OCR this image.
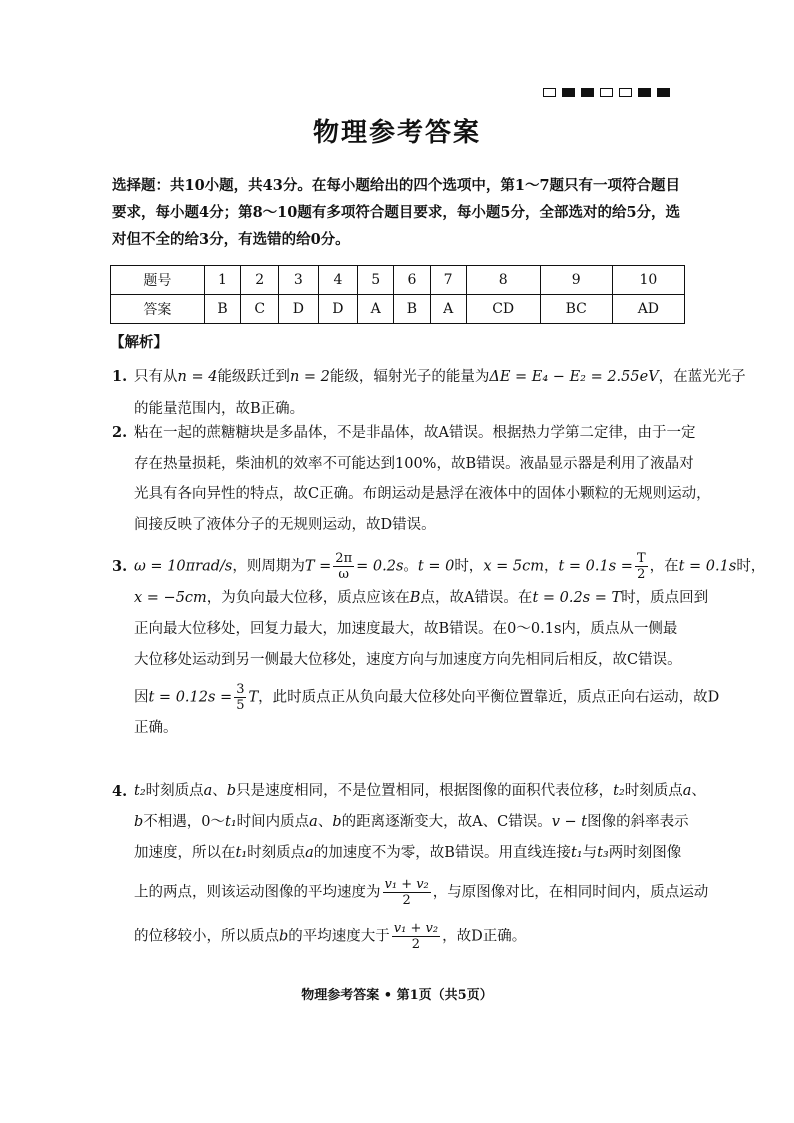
物理参考答案
选择题：共10小题，共43分。在每小题给出的四个选项中，第1～7题只有一项符合题目要求，每小题4分；第8～10题有多项符合题目要求，每小题5分，全部选对的给5分，选对但不全的给3分，有选错的给0分。
题号	1	2	3	4	5	6	7	8	9	10
答案	B	C	D	D	A	B	A	CD	BC	AD
【解析】
1. 只有从n = 4能级跃迁到n = 2能级，辐射光子的能量为ΔE = E₄ − E₂ = 2.55eV，在蓝光光子
的能量范围内，故B正确。
2. 粘在一起的蔗糖糖块是多晶体，不是非晶体，故A错误。根据热力学第二定律，由于一定
存在热量损耗，柴油机的效率不可能达到100%，故B错误。液晶显示器是利用了液晶对
光具有各向异性的特点，故C正确。布朗运动是悬浮在液体中的固体小颗粒的无规则运动，
间接反映了液体分子的无规则运动，故D错误。
3. ω = 10πrad/s，则周期为$T = \frac{2\pi}{\omega} = 0.2s$。t = 0时，x = 5cm，$t = 0.1s = \frac{T}{2}$ ，在t = 0.1s时，
x = −5cm，为负向最大位移，质点应该在B点，故A错误。在t = 0.2s = T时，质点回到
正向最大位移处，回复力最大，加速度最大，故B错误。在0～0.1s内，质点从一侧最
大位移处运动到另一侧最大位移处，速度方向与加速度方向先相同后相反，故C错误。
因$t = 0.12s = \frac{3}{5}$ T，此时质点正从负向最大位移处向平衡位置靠近，质点正向右运动，故D
正确。
4. t₂时刻质点a、b只是速度相同，不是位置相同，根据图像的面积代表位移，t₂时刻质点a、
b不相遇，0～t₁时间内质点a、b的距离逐渐变大，故A、C错误。v − t图像的斜率表示
加速度，所以在t₁时刻质点a的加速度不为零，故B错误。用直线连接t₁与t₃两时刻图像
上的两点，则该运动图像的平均速度为 $\frac{\text{v₁ + v₂}}{2}$ ，与原图像对比，在相同时间内，质点运动
的位移较小，所以质点b的平均速度大于 $\frac{\text{v₁ + v₂}}{2}$ ，故D正确。
物理参考答案 • 第1页（共5页）
